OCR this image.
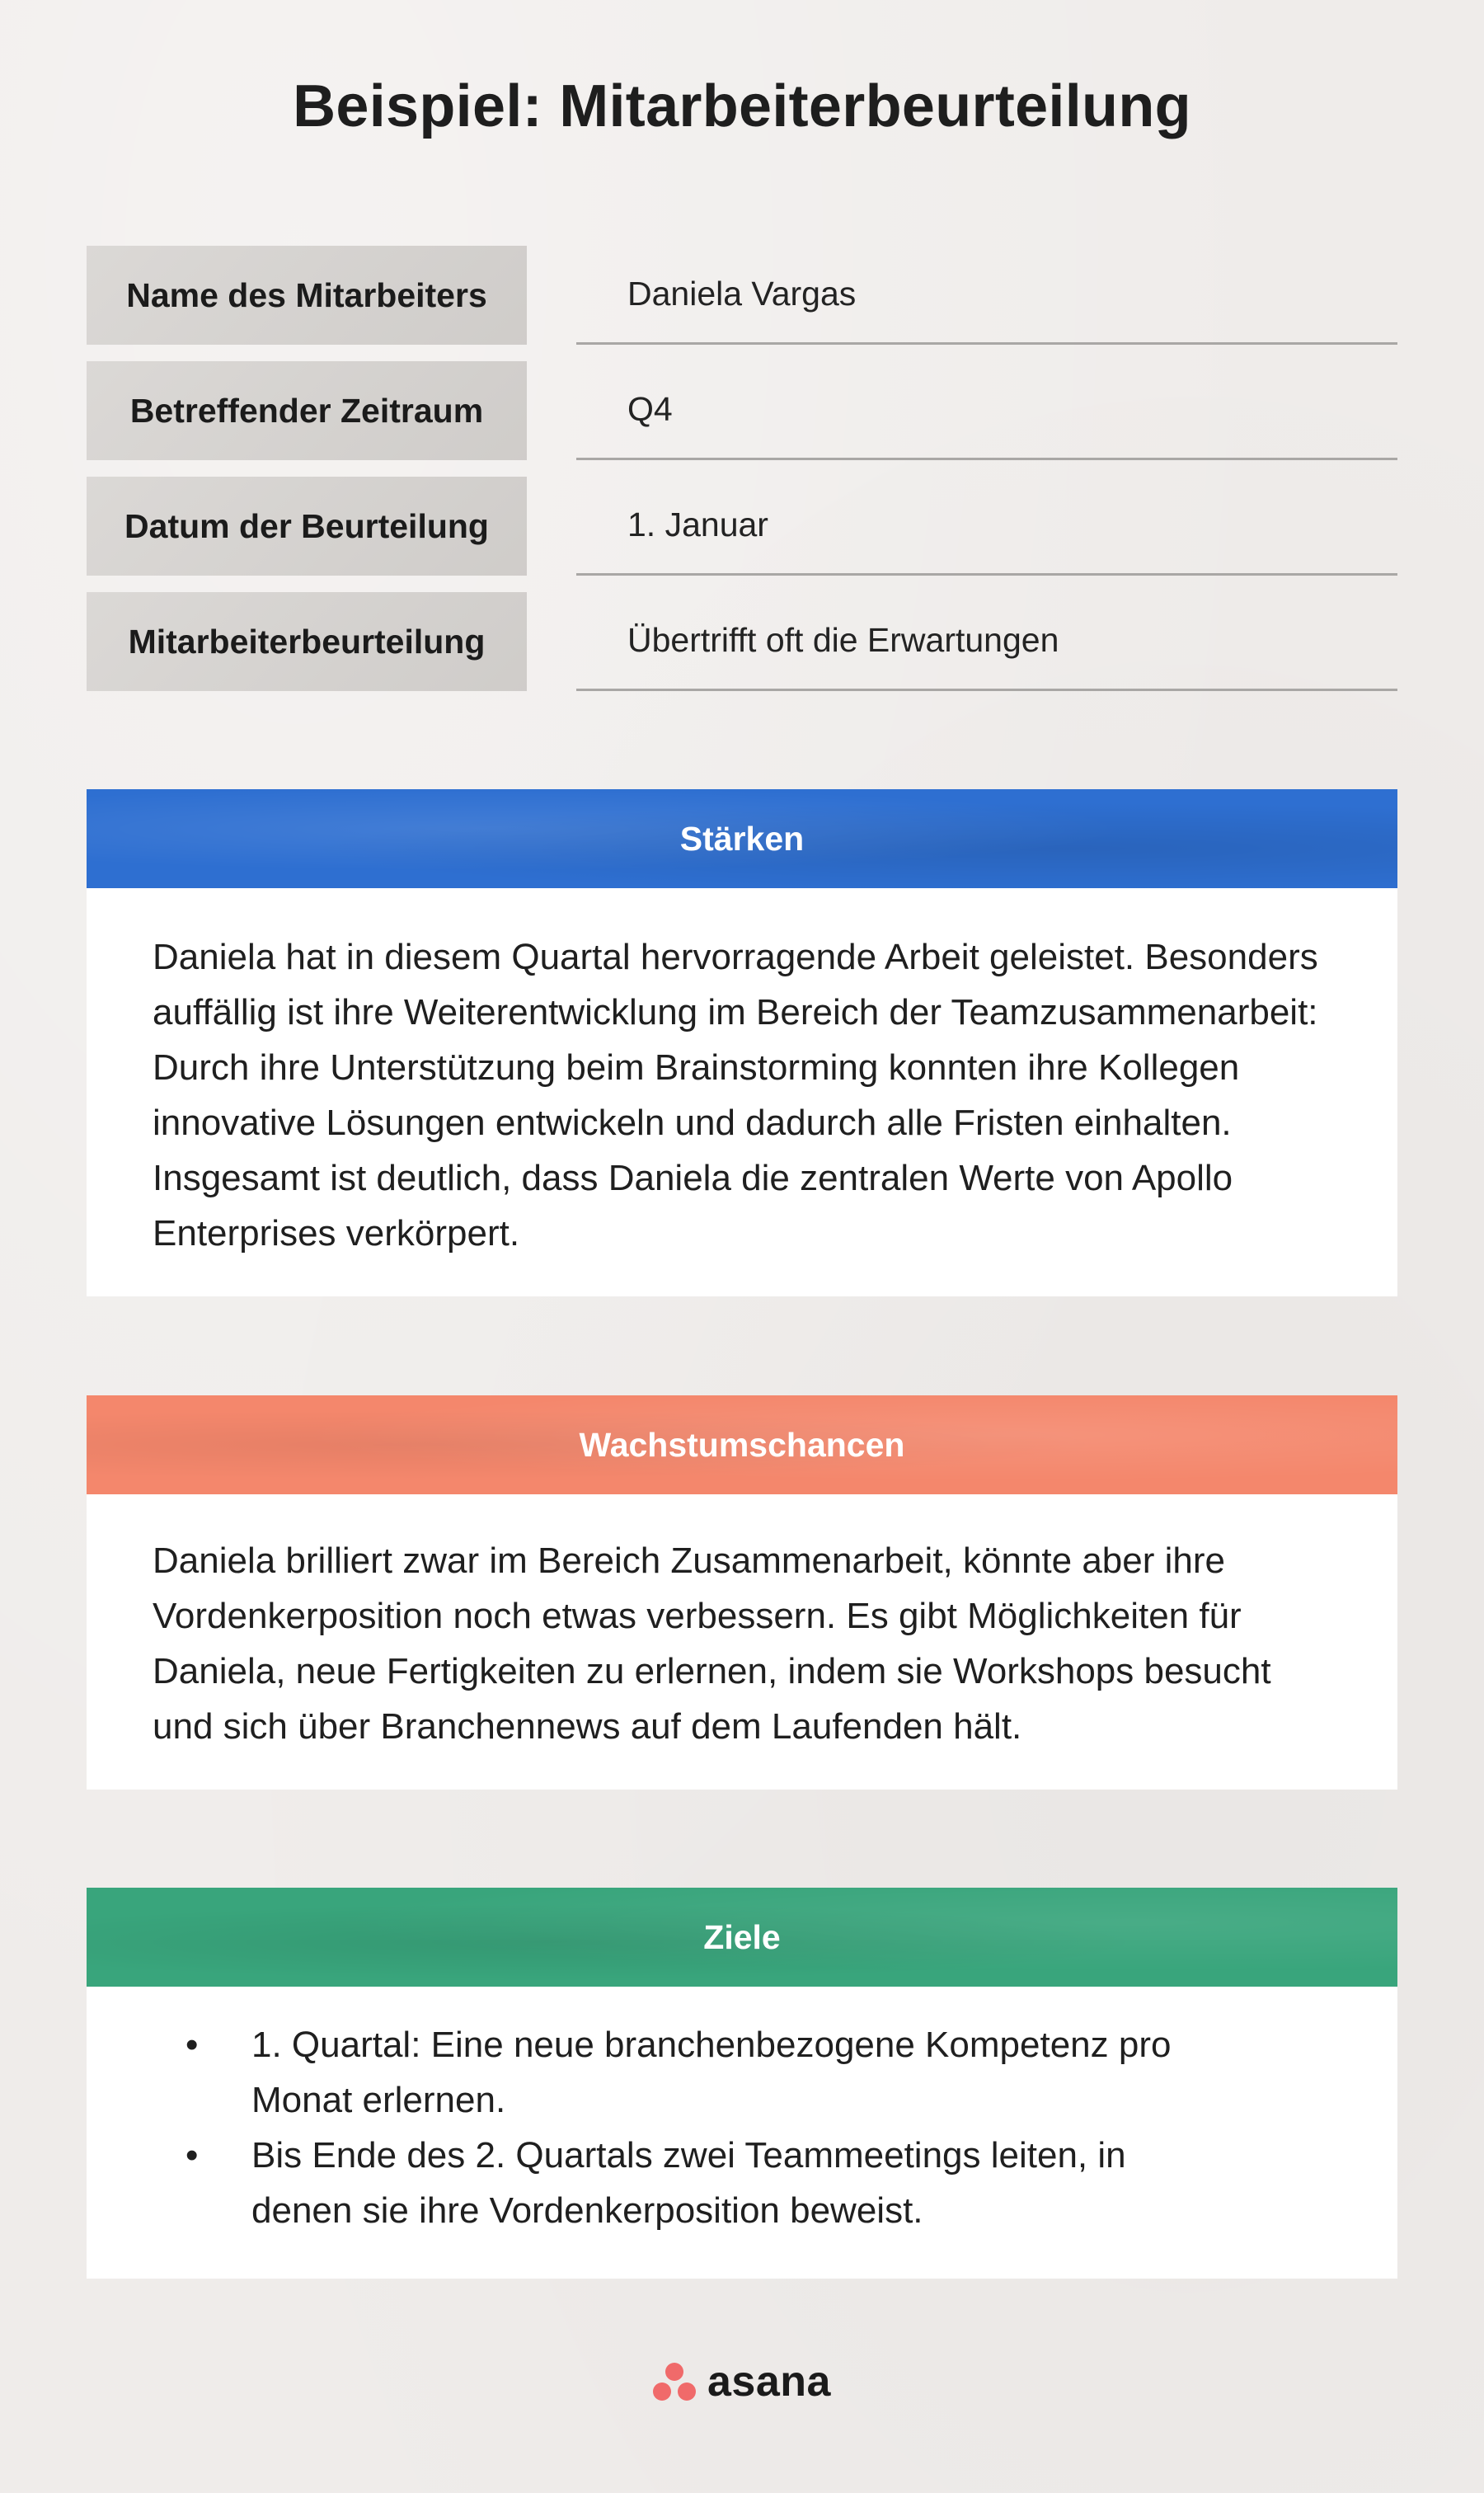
Beispiel: Mitarbeiterbeurteilung
Name des Mitarbeiters	Daniela Vargas
Betreffender Zeitraum	Q4
Datum der Beurteilung	1. Januar
Mitarbeiterbeurteilung	Übertrifft oft die Erwartungen
Stärken

Daniela hat in diesem Quartal hervorragende Arbeit geleistet. Besonders auffällig ist ihre Weiterentwicklung im Bereich der Teamzusammenarbeit: Durch ihre Unterstützung beim Brainstorming konnten ihre Kollegen innovative Lösungen entwickeln und dadurch alle Fristen einhalten. Insgesamt ist deutlich, dass Daniela die zentralen Werte von Apollo Enterprises verkörpert.

Wachstumschancen

Daniela brilliert zwar im Bereich Zusammenarbeit, könnte aber ihre Vordenkerposition noch etwas verbessern. Es gibt Möglichkeiten für Daniela, neue Fertigkeiten zu erlernen, indem sie Workshops besucht und sich über Branchennews auf dem Laufenden hält.

Ziele
• 1. Quartal: Eine neue branchenbezogene Kompetenz pro Monat erlernen.
• Bis Ende des 2. Quartals zwei Teammeetings leiten, in denen sie ihre Vordenkerposition beweist.
asana
